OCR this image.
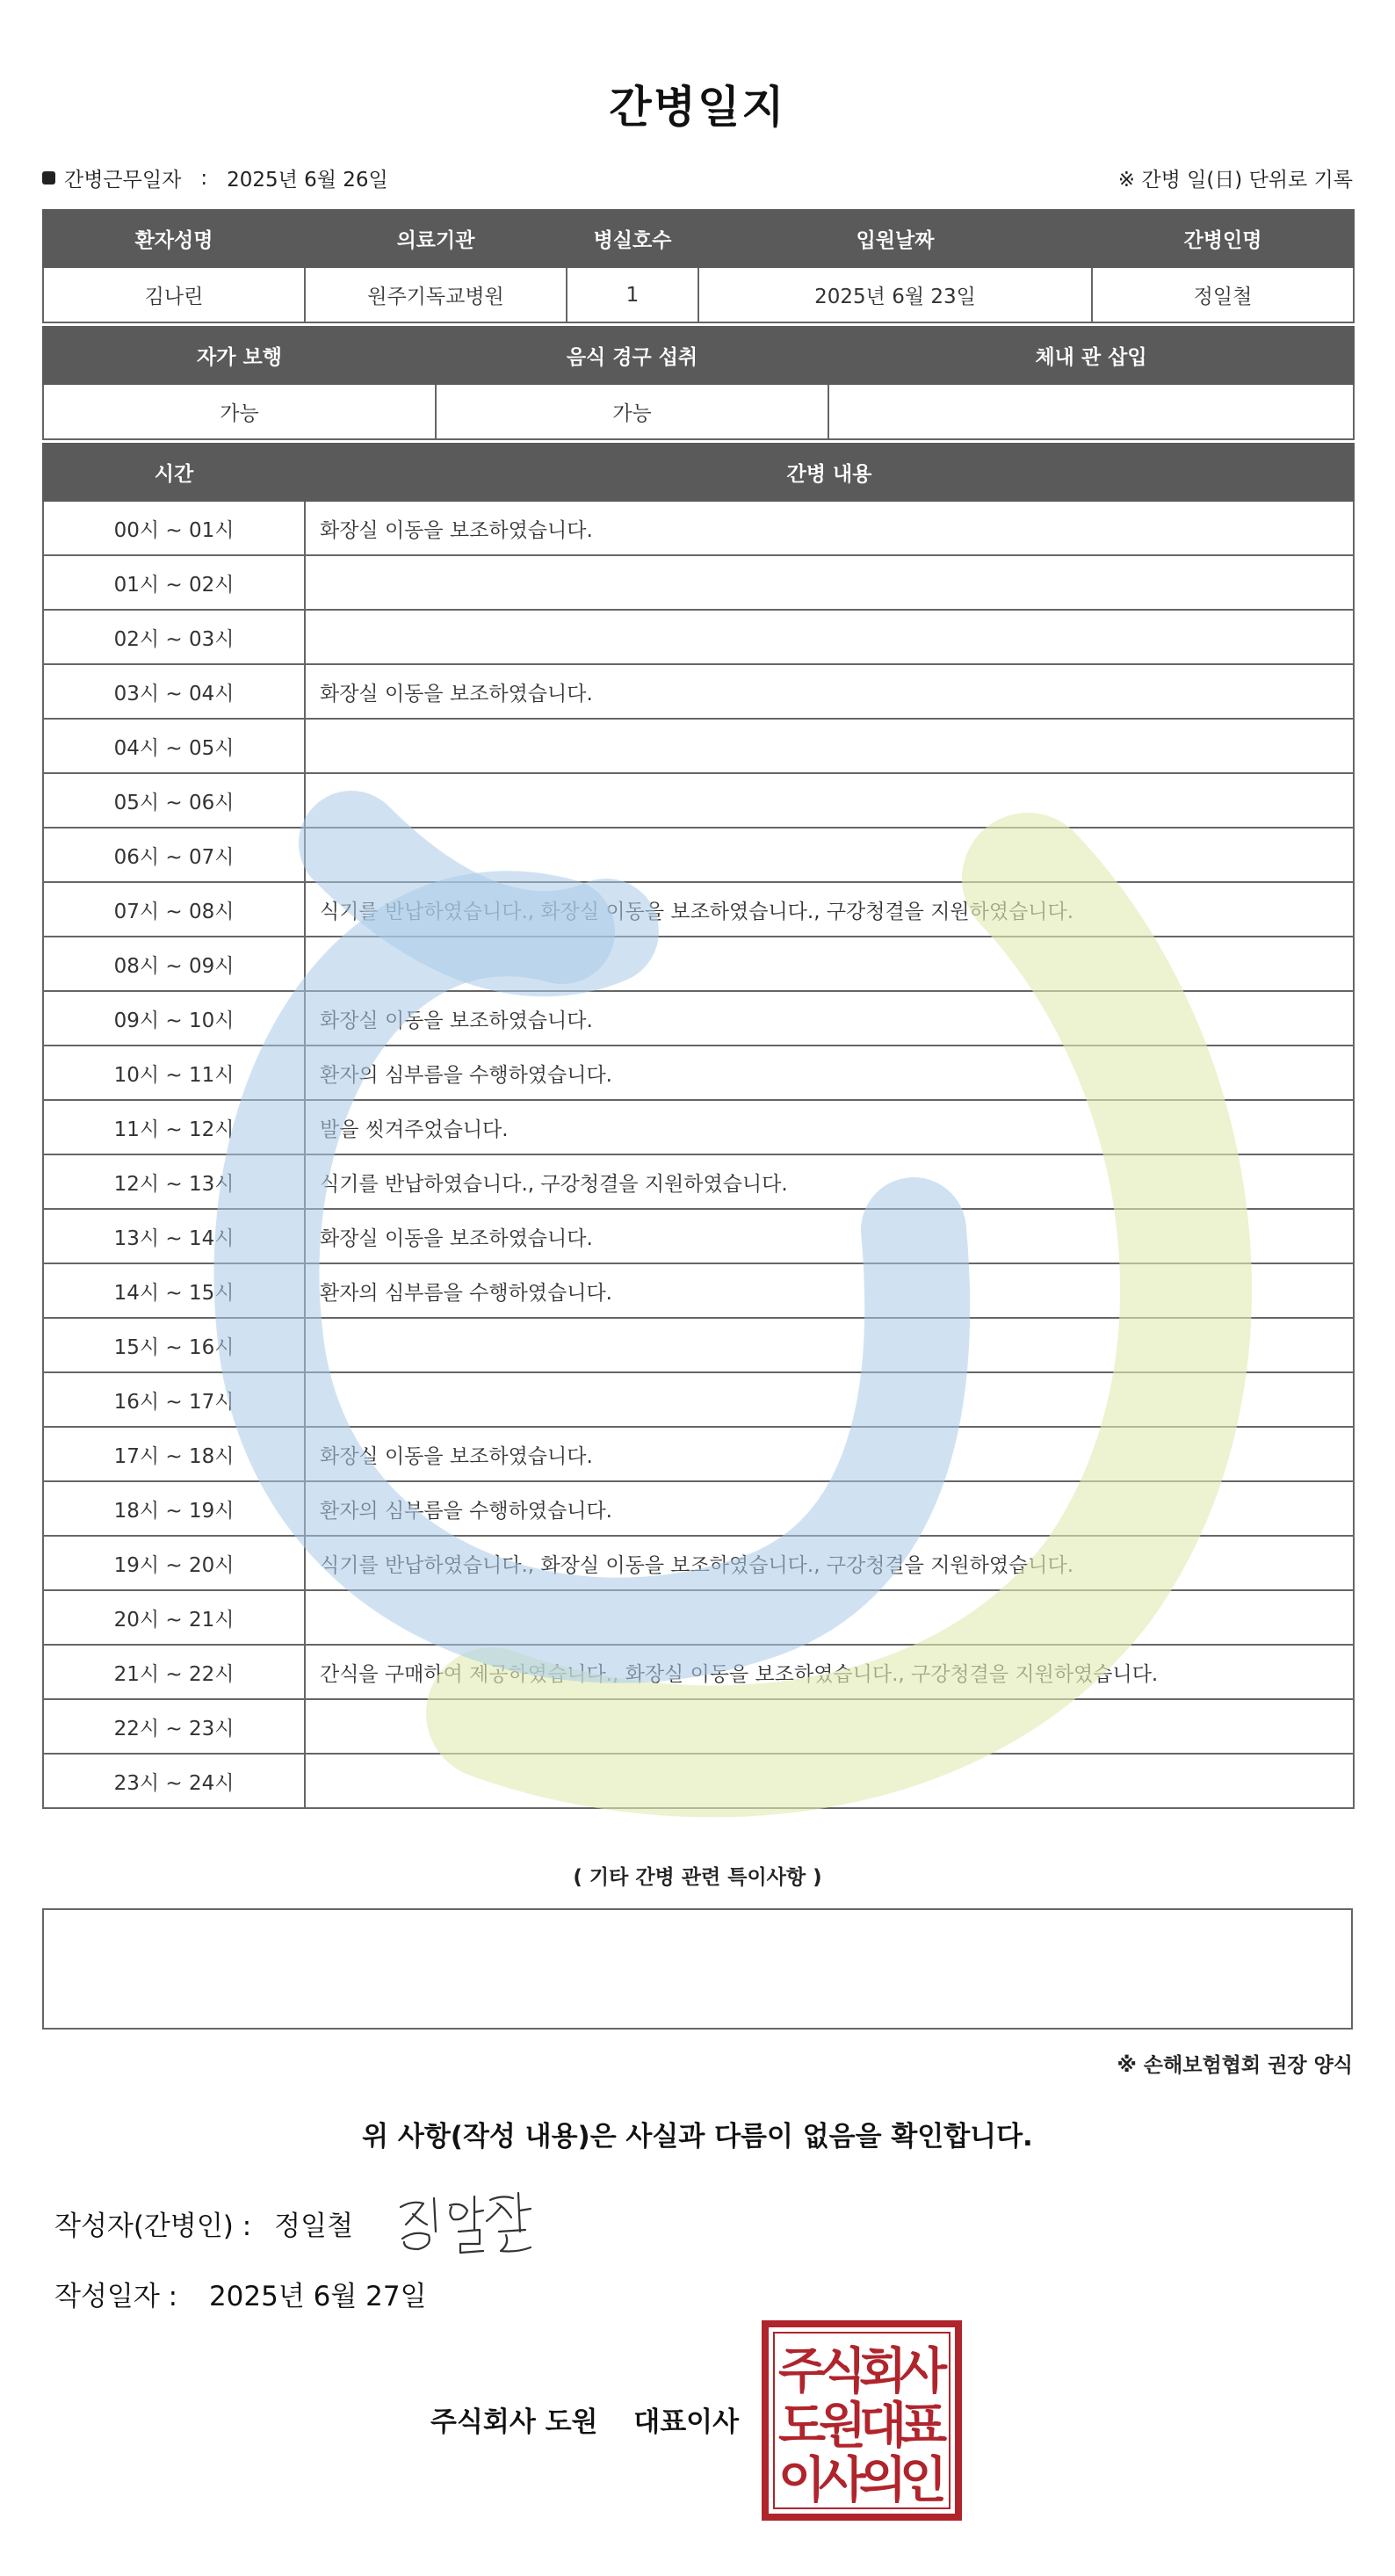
간병일지
간병근무일자 : 2025년 6월 26일	※ 간병 일(日) 단위로 기록
환자성명	의료기관	병실호수	입원날짜	간병인명
김나린	원주기독교병원	1	2025년 6월 23일	정일철
자가 보행	음식 경구 섭취	체내 관 삽입
가능	가능	
시간	간병 내용
00시 ~ 01시	화장실 이동을 보조하였습니다.
01시 ~ 02시	
02시 ~ 03시	
03시 ~ 04시	화장실 이동을 보조하였습니다.
04시 ~ 05시	
05시 ~ 06시	
06시 ~ 07시	
07시 ~ 08시	식기를 반납하였습니다., 화장실 이동을 보조하였습니다., 구강청결을 지원하였습니다.
08시 ~ 09시	
09시 ~ 10시	화장실 이동을 보조하였습니다.
10시 ~ 11시	환자의 심부름을 수행하였습니다.
11시 ~ 12시	발을 씻겨주었습니다.
12시 ~ 13시	식기를 반납하였습니다., 구강청결을 지원하였습니다.
13시 ~ 14시	화장실 이동을 보조하였습니다.
14시 ~ 15시	환자의 심부름을 수행하였습니다.
15시 ~ 16시	
16시 ~ 17시	
17시 ~ 18시	화장실 이동을 보조하였습니다.
18시 ~ 19시	환자의 심부름을 수행하였습니다.
19시 ~ 20시	식기를 반납하였습니다., 화장실 이동을 보조하였습니다., 구강청결을 지원하였습니다.
20시 ~ 21시	
21시 ~ 22시	간식을 구매하여 제공하였습니다., 화장실 이동을 보조하였습니다., 구강청결을 지원하였습니다.
22시 ~ 23시	
23시 ~ 24시	
( 기타 간병 관련 특이사항 )
※ 손해보험협회 권장 양식
위 사항(작성 내용)은 사실과 다름이 없음을 확인합니다.
작성자(간병인) : 정일철
작성일자 : 2025년 6월 27일
주식회사 도원 대표이사
주
식
회
사
도
원
대
표
이
사
의
인
